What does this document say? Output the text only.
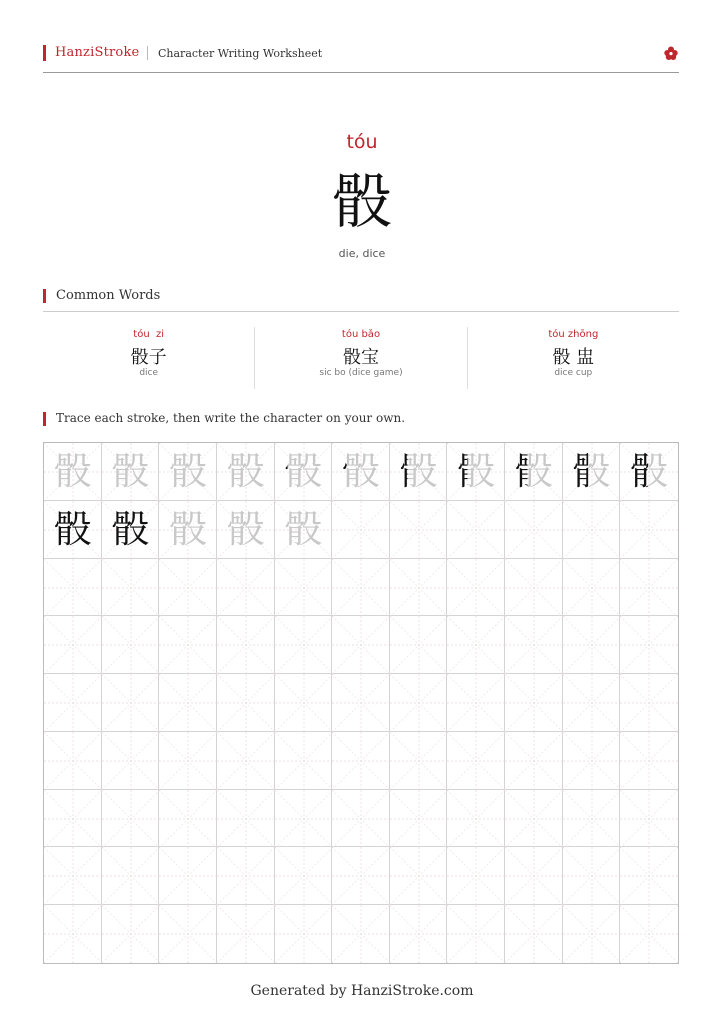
HanziStroke Character Writing Worksheet
tóu
骰
die, dice
Common Words
tóu  zi
骰子
dice
tóu bǎo
骰宝
sic bo (dice game)
tóu zhōng
骰 盅
dice cup
Trace each stroke, then write the character on your own.
骰 骰 骰 骰 骰 骰 骰 骰 骰 骰 骰
骰 骰 骰 骰 骰
Generated by HanziStroke.com
